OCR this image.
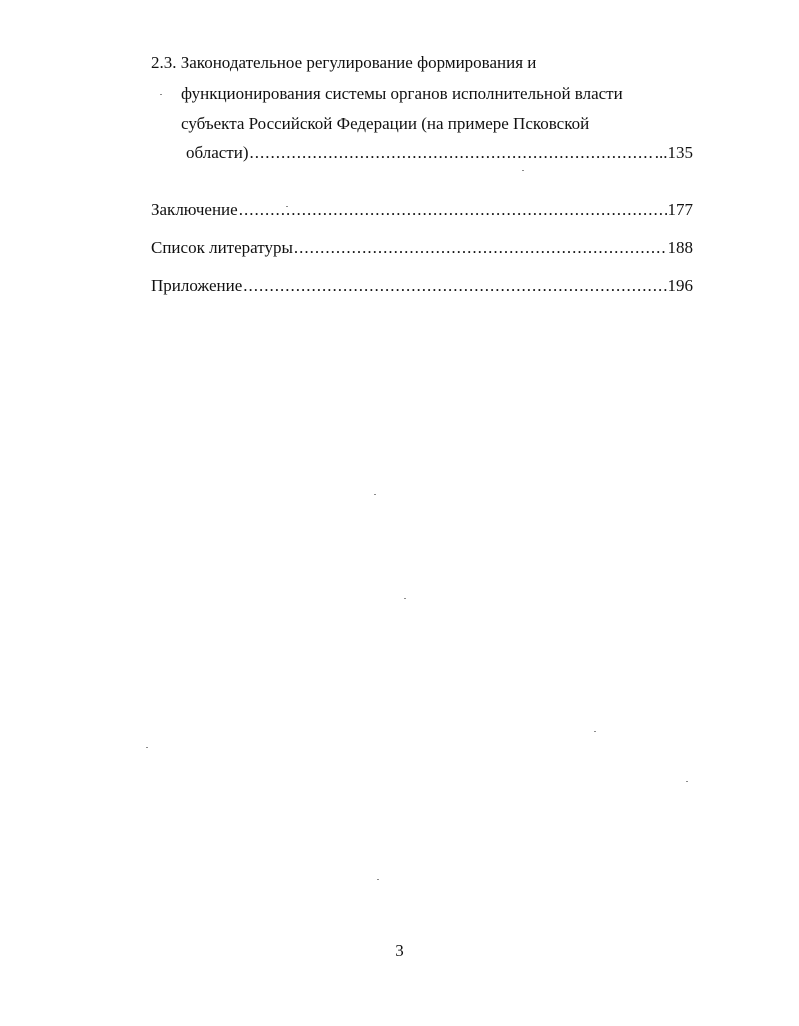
2.3. Законодательное регулирование формирования и
функционирования системы органов исполнительной власти
субъекта Российской Федерации (на примере Псковской
области) .....	...135
Заключение .....	177
Список литературы .....	188
Приложение .....	196
3
